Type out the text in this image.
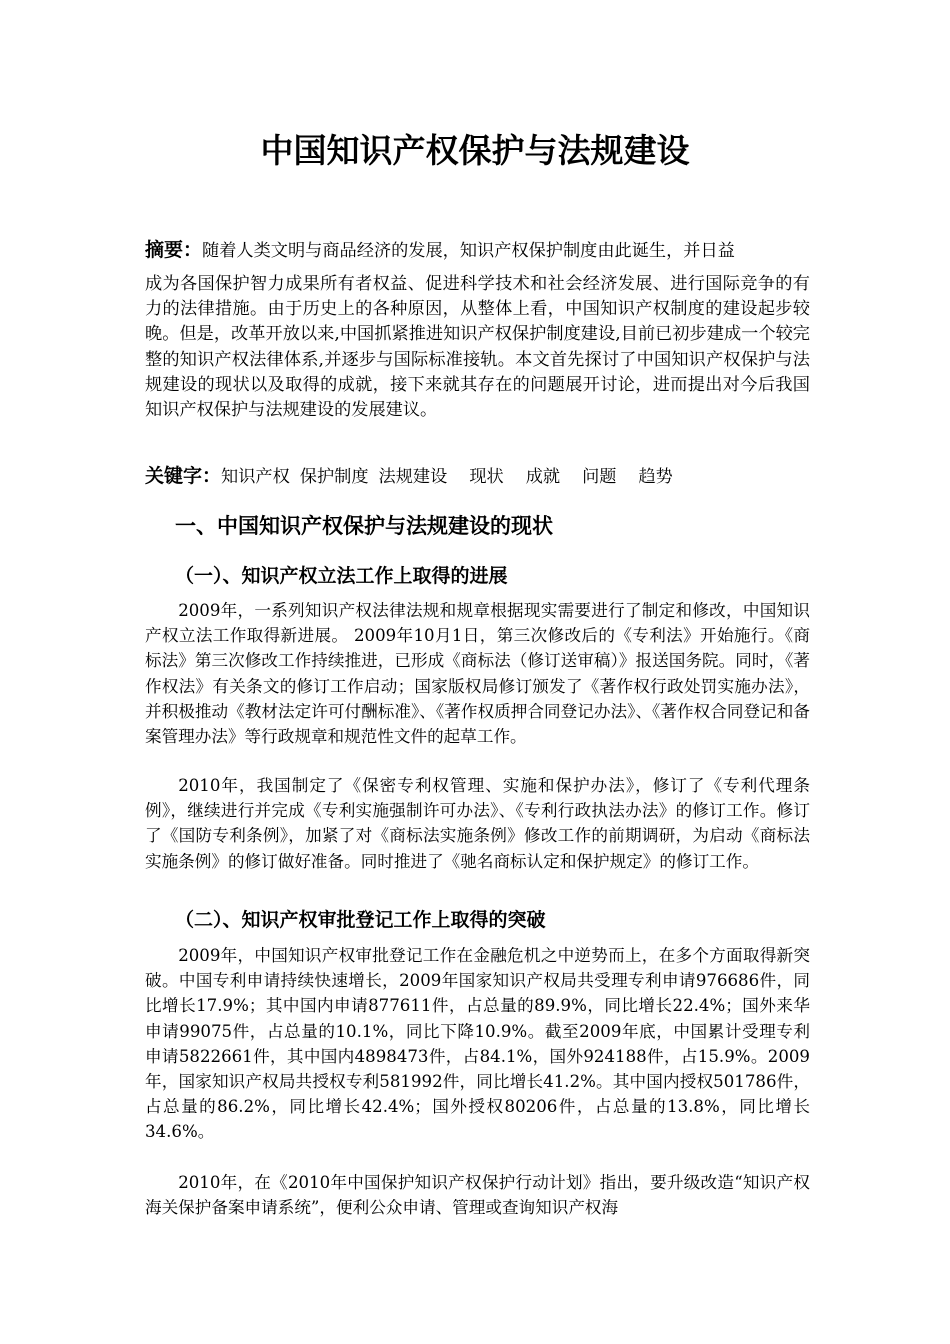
中国知识产权保护与法规建设

摘要：随着人类文明与商品经济的发展，知识产权保护制度由此诞生，并日益
成为各国保护智力成果所有者权益、促进科学技术和社会经济发展、进行国际竞争的有力的法律措施。由于历史上的各种原因，从整体上看，中国知识产权制度的建设起步较晚。但是，改革开放以来,中国抓紧推进知识产权保护制度建设,目前已初步建成一个较完整的知识产权法律体系,并逐步与国际标准接轨。本文首先探讨了中国知识产权保护与法规建设的现状以及取得的成就，接下来就其存在的问题展开讨论，进而提出对今后我国知识产权保护与法规建设的发展建议。

关键字：知识产权 保护制度 法规建设 现状 成就 问题 趋势

一、中国知识产权保护与法规建设的现状
（一）、知识产权立法工作上取得的进展

2009年，一系列知识产权法律法规和规章根据现实需要进行了制定和修改，中国知识产权立法工作取得新进展。 2009年10月1日，第三次修改后的《专利法》开始施行。《商标法》第三次修改工作持续推进，已形成《商标法（修订送审稿）》报送国务院。同时，《著作权法》有关条文的修订工作启动；国家版权局修订颁发了《著作权行政处罚实施办法》，并积极推动《教材法定许可付酬标准》、《著作权质押合同登记办法》、《著作权合同登记和备案管理办法》等行政规章和规范性文件的起草工作。

2010年，我国制定了《保密专利权管理、实施和保护办法》，修订了《专利代理条例》，继续进行并完成《专利实施强制许可办法》、《专利行政执法办法》的修订工作。修订了《国防专利条例》，加紧了对《商标法实施条例》修改工作的前期调研，为启动《商标法实施条例》的修订做好准备。同时推进了《驰名商标认定和保护规定》的修订工作。

（二）、知识产权审批登记工作上取得的突破

2009年，中国知识产权审批登记工作在金融危机之中逆势而上，在多个方面取得新突破。中国专利申请持续快速增长，2009年国家知识产权局共受理专利申请976686件，同比增长17.9%；其中国内申请877611件，占总量的89.9%，同比增长22.4%；国外来华申请99075件，占总量的10.1%，同比下降10.9%。截至2009年底，中国累计受理专利申请5822661件，其中国内4898473件，占84.1%，国外924188件，占15.9%。2009年，国家知识产权局共授权专利581992件，同比增长41.2%。其中国内授权501786件，占总量的86.2%，同比增长42.4%；国外授权80206件，占总量的13.8%，同比增长34.6%。

2010年，在《2010年中国保护知识产权保护行动计划》指出，要升级改造“知识产权海关保护备案申请系统”，便利公众申请、管理或查询知识产权海
